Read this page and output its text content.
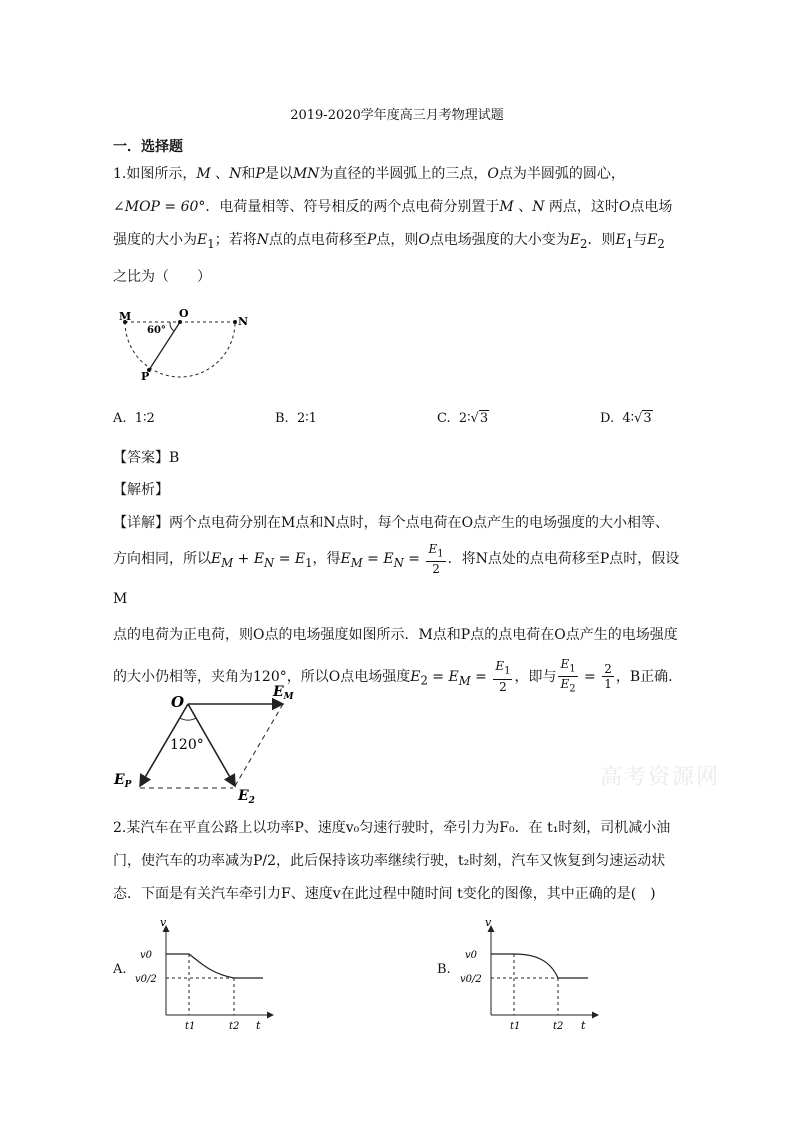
2019-2020学年度高三月考物理试题
一．选择题
1.如图所示，M 、N和P是以MN为直径的半圆弧上的三点，O点为半圆弧的圆心，
∠MOP = 60°．电荷量相等、符号相反的两个点电荷分别置于M 、N 两点，这时O点电场
强度的大小为$E_1$；若将N点的点电荷移至P点，则O点电场强度的大小变为$E_2$．则$E_1$与$E_2$
之比为（　　）
M	O
N
P
60°
A. 1∶2	B. 2∶1	C. 2∶√3	D. 4∶√3
【答案】B
【解析】
【详解】两个点电荷分别在M点和N点时，每个点电荷在O点产生的电场强度的大小相等、
方向相同，所以$E_M + E_N = E_1$，得$E_M = E_N = \frac{E_1}{2}$ ．将N点处的点电荷移至P点时，假设M
点的电荷为正电荷，则O点的电场强度如图所示．M点和P点的点电荷在O点产生的电场强度
的大小仍相等，夹角为120°，所以O点电场强度$E_2 = E_M = \frac{E_1}{2}$ ，即与 $\frac{E_1}{E_2} = \frac{2}{1}$ ，B正确.
O
$E_M$
$E_P$
$E_2$
120°
高考资源网
2.某汽车在平直公路上以功率P、速度v₀匀速行驶时，牵引力为F₀．在 t₁时刻，司机减小油
门，使汽车的功率减为P/2，此后保持该功率继续行驶，t₂时刻，汽车又恢复到匀速运动状
态．下面是有关汽车牵引力F、速度v在此过程中随时间 t变化的图像，其中正确的是(　)
A.
v
v0
v0/2
t1	t2 t
B.
v
v0
v0/2
t1	t2 t
